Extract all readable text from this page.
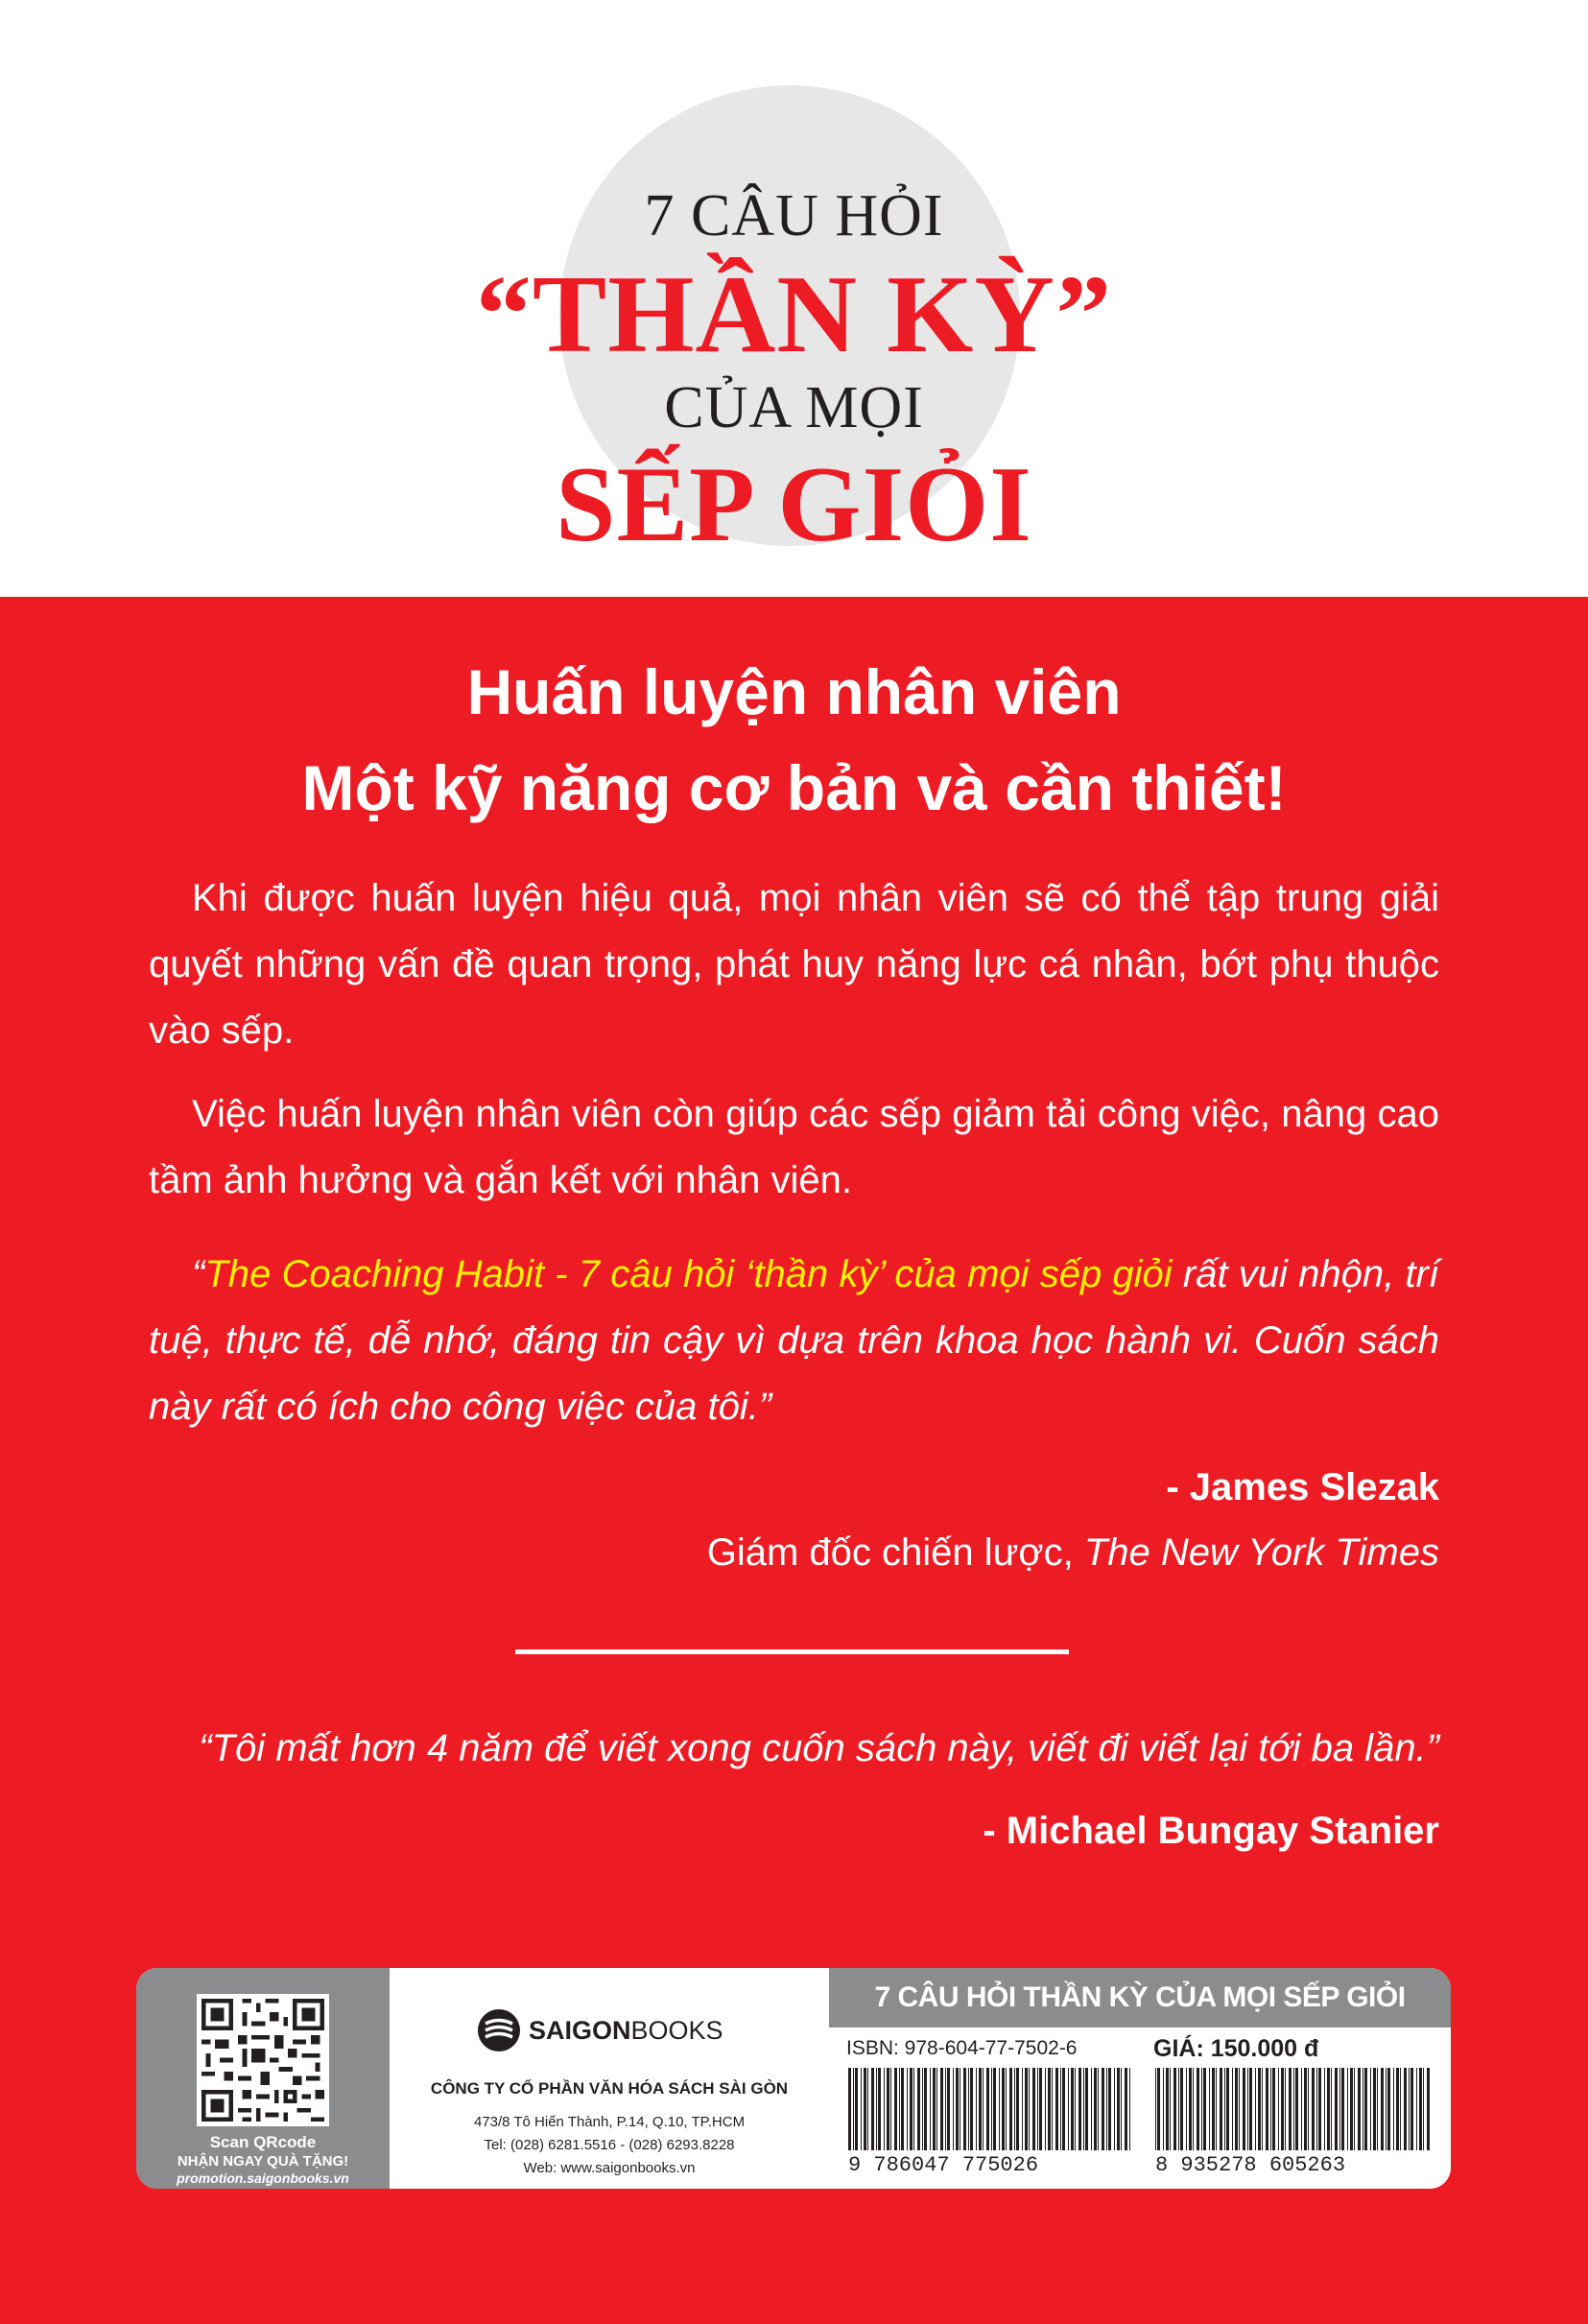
7 CÂU HỎI
“THẦN KỲ”
CỦA MỌI
SẾP GIỎI
Huấn luyện nhân viên
Một kỹ năng cơ bản và cần thiết!

Khi được huấn luyện hiệu quả, mọi nhân viên sẽ có thể tập trung giải quyết những vấn đề quan trọng, phát huy năng lực cá nhân, bớt phụ thuộc vào sếp.

Việc huấn luyện nhân viên còn giúp các sếp giảm tải công việc, nâng cao tầm ảnh hưởng và gắn kết với nhân viên.

“The Coaching Habit - 7 câu hỏi ‘thần kỳ’ của mọi sếp giỏi rất vui nhộn, trí tuệ, thực tế, dễ nhớ, đáng tin cậy vì dựa trên khoa học hành vi. Cuốn sách này rất có ích cho công việc của tôi.”

- James Slezak
Giám đốc chiến lược, The New York Times
“Tôi mất hơn 4 năm để viết xong cuốn sách này, viết đi viết lại tới ba lần.”
- Michael Bungay Stanier
Scan QRcode
NHẬN NGAY QUÀ TẶNG!
promotion.saigonbooks.vn
SAIGONBOOKS
CÔNG TY CỔ PHẦN VĂN HÓA SÁCH SÀI GÒN
473/8 Tô Hiến Thành, P.14, Q.10, TP.HCM
Tel: (028) 6281.5516 - (028) 6293.8228
Web: www.saigonbooks.vn
7 CÂU HỎI THẦN KỲ CỦA MỌI SẾP GIỎI
ISBN: 978-604-77-7502-6	GIÁ: 150.000 đ
9 786047 775026	8 935278 605263
